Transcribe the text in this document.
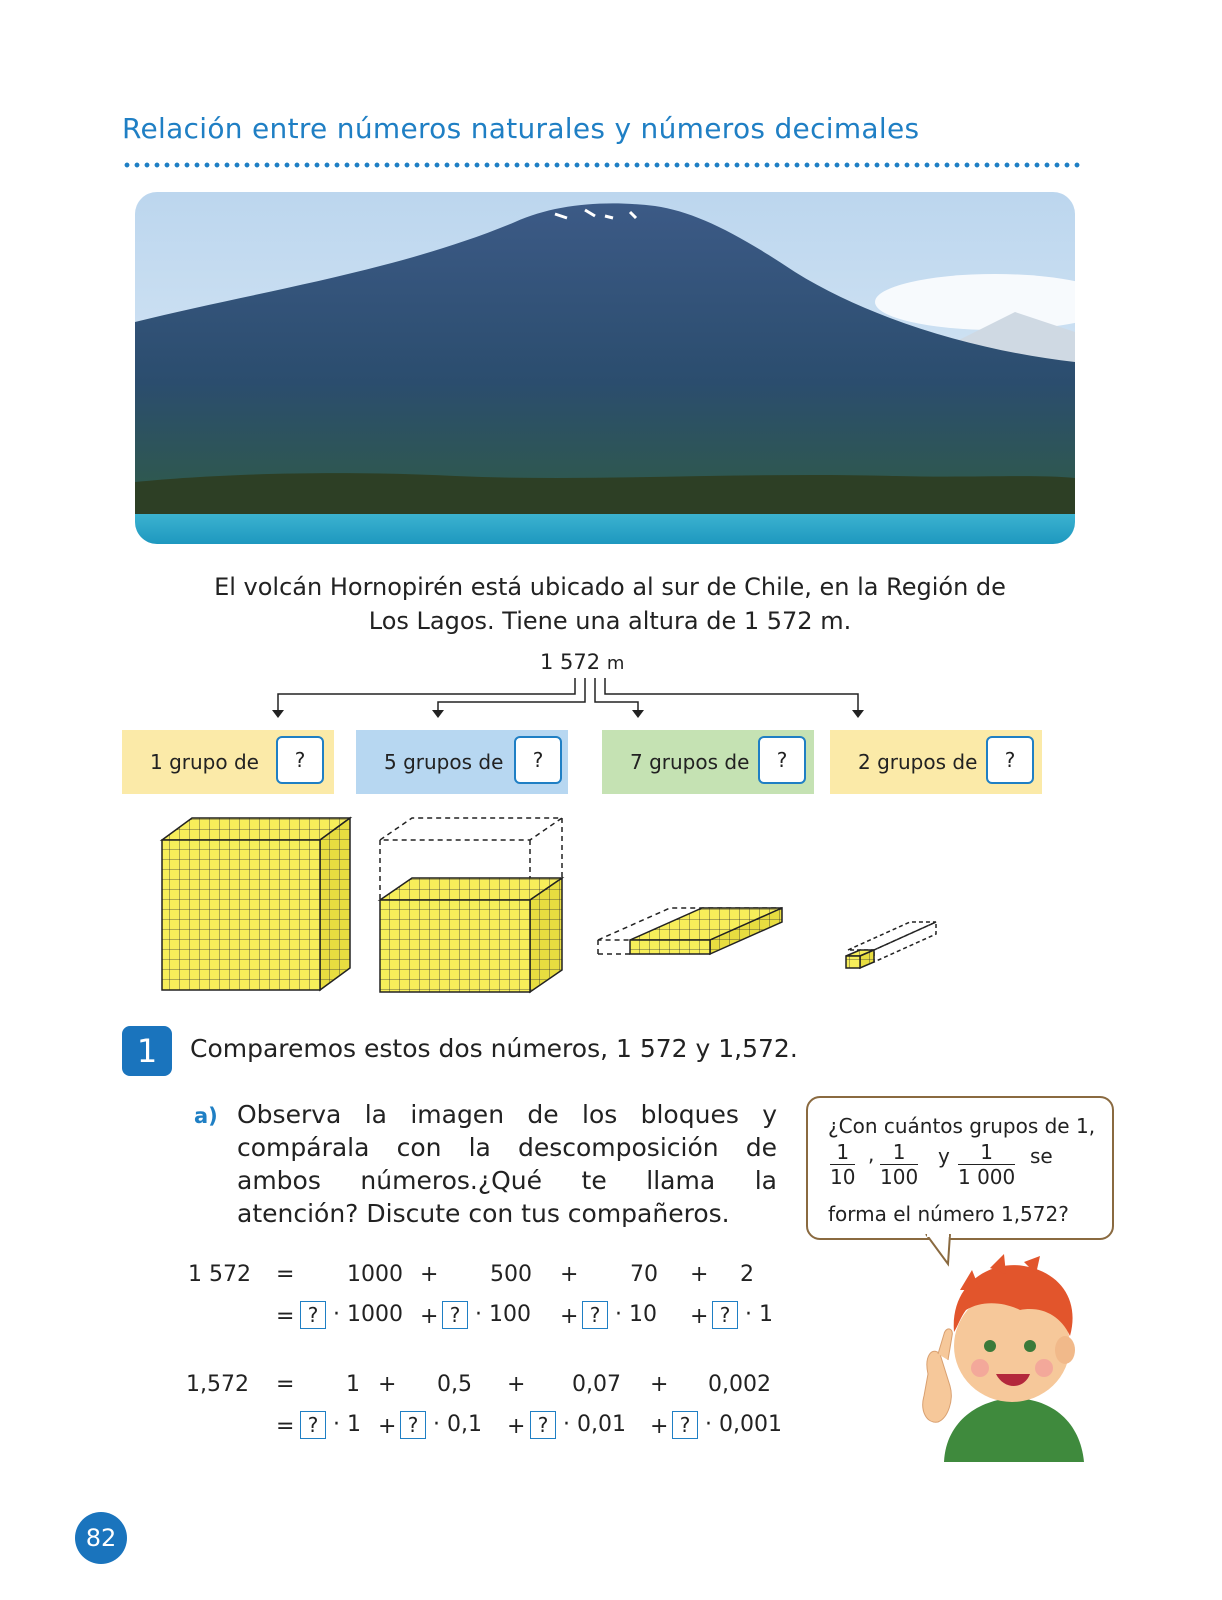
Relación entre números naturales y números decimales
El volcán Hornopirén está ubicado al sur de Chile, en la Región de
Los Lagos. Tiene una altura de 1 572 m.
1 572 m
1 grupo de	?	5 grupos de	?	7 grupos de	?	2 grupos de	?
1	Comparemos estos dos números, 1 572 y 1,572.
a) Observa la imagen de los bloques y compárala con la descomposición de ambos números.¿Qué te llama la atención? Discute con tus compañeros.
1 572 = 1000 + 500 + 70 + 2
= ? · 1000 + ? · 100 + ? · 10 + ? · 1
1,572 = 1 + 0,5 + 0,07 + 0,002
= ? · 1 + ? · 0,1 + ? · 0,01 + ? · 0,001
¿Con cuántos grupos de 1,
$\frac{1}{10}$ , $\frac{1}{100}$ y $\frac{1}{1 000}$ se
forma el número 1,572?
82
